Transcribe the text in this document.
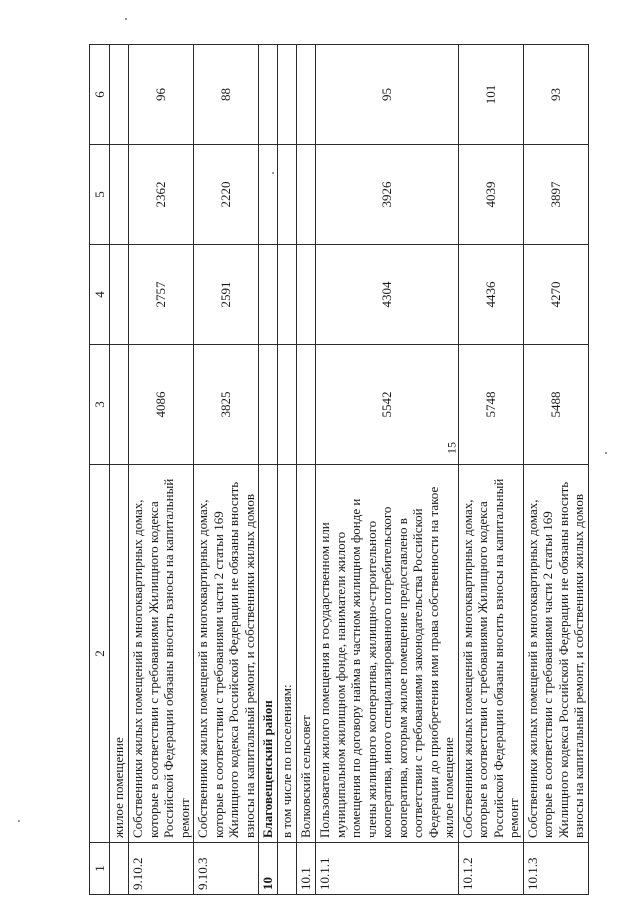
15
1	2	3	4	5	6
	жилое помещение				
9.10.2	Собственники жилых помещений в многоквартирных домах, которые в соответствии с требованиями Жилищного кодекса Российской Федерации обязаны вносить взносы на капитальный ремонт	4086	2757	2362	96
9.10.3	Собственники жилых помещений в многоквартирных домах, которые в соответствии с требованиями части 2 статьи 169 Жилищного кодекса Российской Федерации не обязаны вносить взносы на капитальный ремонт, и собственники жилых домов	3825	2591	2220	88
10	Благовещенский район				
	в том числе по поселениям:				
10.1	Волковский сельсовет				
10.1.1	Пользователи жилого помещения в государственном или муниципальном жилищном фонде, наниматели жилого помещения по договору найма в частном жилищном фонде и члены жилищного кооператива, жилищно-строительного кооператива, иного специализированного потребительского кооператива, которым жилое помещение предоставлено в соответствии с требованиями законодательства Российской Федерации до приобретения ими права собственности на такое жилое помещение	5542	4304	3926	95
10.1.2	Собственники жилых помещений в многоквартирных домах, которые в соответствии с требованиями Жилищного кодекса Российской Федерации обязаны вносить взносы на капитальный ремонт	5748	4436	4039	101
10.1.3	Собственники жилых помещений в многоквартирных домах, которые в соответствии с требованиями части 2 статьи 169 Жилищного кодекса Российской Федерации не обязаны вносить взносы на капитальный ремонт, и собственники жилых домов	5488	4270	3897	93
